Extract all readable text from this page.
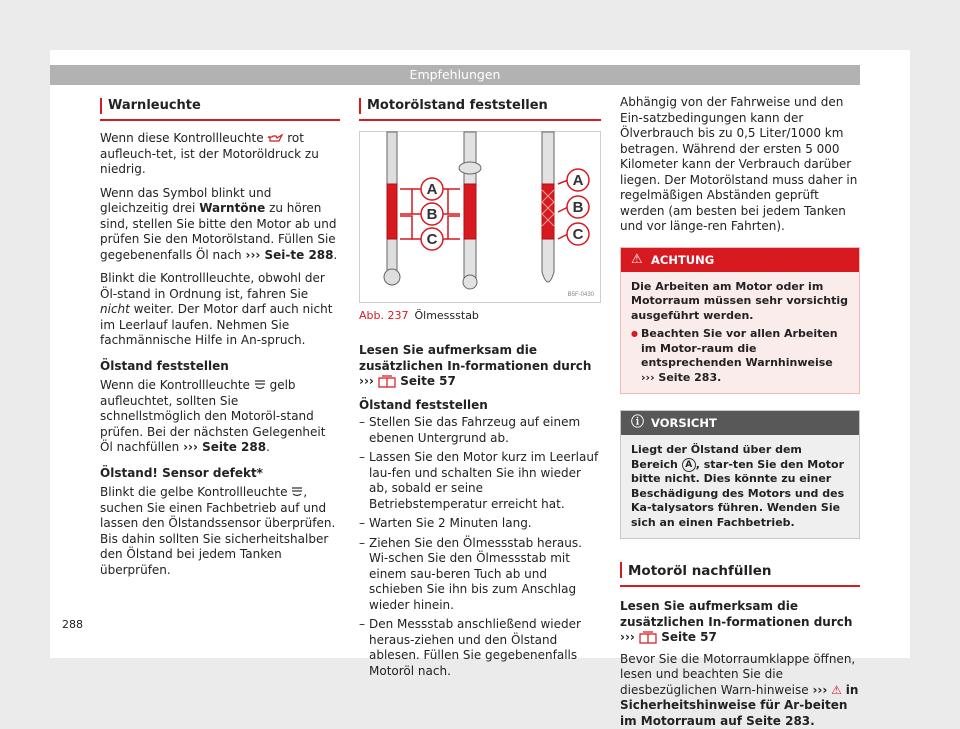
Empfehlungen
Warnleuchte

Wenn diese Kontrollleuchte rot aufleuch-tet, ist der Motoröldruck zu niedrig.

Wenn das Symbol blinkt und gleichzeitig drei Warntöne zu hören sind, stellen Sie bitte den Motor ab und prüfen Sie den Motorölstand. Füllen Sie gegebenenfalls Öl nach ››› Sei-te 288.

Blinkt die Kontrollleuchte, obwohl der Öl-stand in Ordnung ist, fahren Sie nicht weiter. Der Motor darf auch nicht im Leerlauf laufen. Nehmen Sie fachmännische Hilfe in An-spruch.

Ölstand feststellen

Wenn die Kontrollleuchte gelb aufleuchtet, sollten Sie schnellstmöglich den Motoröl-stand prüfen. Bei der nächsten Gelegenheit Öl nachfüllen ››› Seite 288.

Ölstand! Sensor defekt*

Blinkt die gelbe Kontrollleuchte , suchen Sie einen Fachbetrieb auf und lassen den Ölstandssensor überprüfen. Bis dahin sollten Sie sicherheitshalber den Ölstand bei jedem Tanken überprüfen.

Motorölstand feststellen
A
B
C
A
B
C
B5F-0430
Abb. 237 Ölmessstab

Lesen Sie aufmerksam die zusätzlichen In-formationen durch ››› Seite 57

Ölstand feststellen

– Stellen Sie das Fahrzeug auf einem ebenen Untergrund ab.
– Lassen Sie den Motor kurz im Leerlauf lau-fen und schalten Sie ihn wieder ab, sobald er seine Betriebstemperatur erreicht hat.
– Warten Sie 2 Minuten lang.
– Ziehen Sie den Ölmessstab heraus. Wi-schen Sie den Ölmessstab mit einem sau-beren Tuch ab und schieben Sie ihn bis zum Anschlag wieder hinein.
– Den Messstab anschließend wieder heraus-ziehen und den Ölstand ablesen. Füllen Sie gegebenenfalls Motoröl nach.

Abhängig von der Fahrweise und den Ein-satzbedingungen kann der Ölverbrauch bis zu 0,5 Liter/1000 km betragen. Während der ersten 5 000 Kilometer kann der Verbrauch darüber liegen. Der Motorölstand muss daher in regelmäßigen Abständen geprüft werden (am besten bei jedem Tanken und vor länge-ren Fahrten).

⚠ ACHTUNG
Die Arbeiten am Motor oder im Motorraum müssen sehr vorsichtig ausgeführt werden.
● Beachten Sie vor allen Arbeiten im Motor-raum die entsprechenden Warnhinweise ››› Seite 283.
ⓘ VORSICHT
Liegt der Ölstand über dem Bereich A , star-ten Sie den Motor bitte nicht. Dies könnte zu einer Beschädigung des Motors und des Ka-talysators führen. Wenden Sie sich an einen Fachbetrieb.
Motoröl nachfüllen

Lesen Sie aufmerksam die zusätzlichen In-formationen durch ››› Seite 57

Bevor Sie die Motorraumklappe öffnen, lesen und beachten Sie die diesbezüglichen Warn-hinweise ››› ⚠ in Sicherheitshinweise für Ar-beiten im Motorraum auf Seite 283.

288
